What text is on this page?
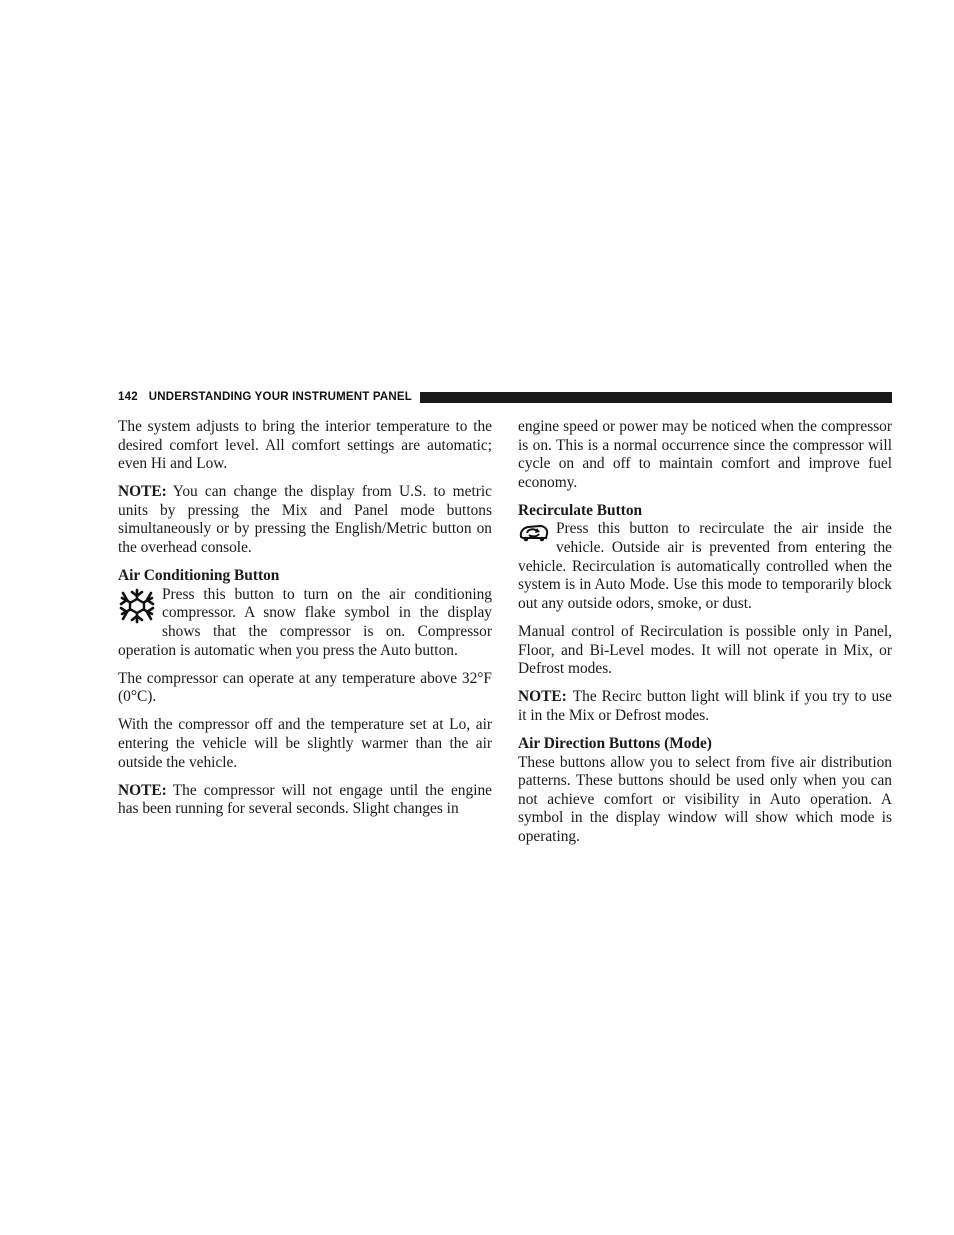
142 UNDERSTANDING YOUR INSTRUMENT PANEL

The system adjusts to bring the interior temperature to the desired comfort level. All comfort settings are automatic; even Hi and Low.

NOTE: You can change the display from U.S. to metric units by pressing the Mix and Panel mode buttons simultaneously or by pressing the English/Metric button on the overhead console.

Air Conditioning Button
Press this button to turn on the air conditioning compressor. A snow flake symbol in the display shows that the compressor is on. Compressor operation is automatic when you press the Auto button.

The compressor can operate at any temperature above 32°F (0°C).

With the compressor off and the temperature set at Lo, air entering the vehicle will be slightly warmer than the air outside the vehicle.

NOTE: The compressor will not engage until the engine has been running for several seconds. Slight changes in

engine speed or power may be noticed when the compressor is on. This is a normal occurrence since the compressor will cycle on and off to maintain comfort and improve fuel economy.

Recirculate Button
Press this button to recirculate the air inside the vehicle. Outside air is prevented from entering the vehicle. Recirculation is automatically controlled when the system is in Auto Mode. Use this mode to temporarily block out any outside odors, smoke, or dust.

Manual control of Recirculation is possible only in Panel, Floor, and Bi-Level modes. It will not operate in Mix, or Defrost modes.

NOTE: The Recirc button light will blink if you try to use it in the Mix or Defrost modes.

Air Direction Buttons (Mode)

These buttons allow you to select from five air distribution patterns. These buttons should be used only when you can not achieve comfort or visibility in Auto operation. A symbol in the display window will show which mode is operating.
